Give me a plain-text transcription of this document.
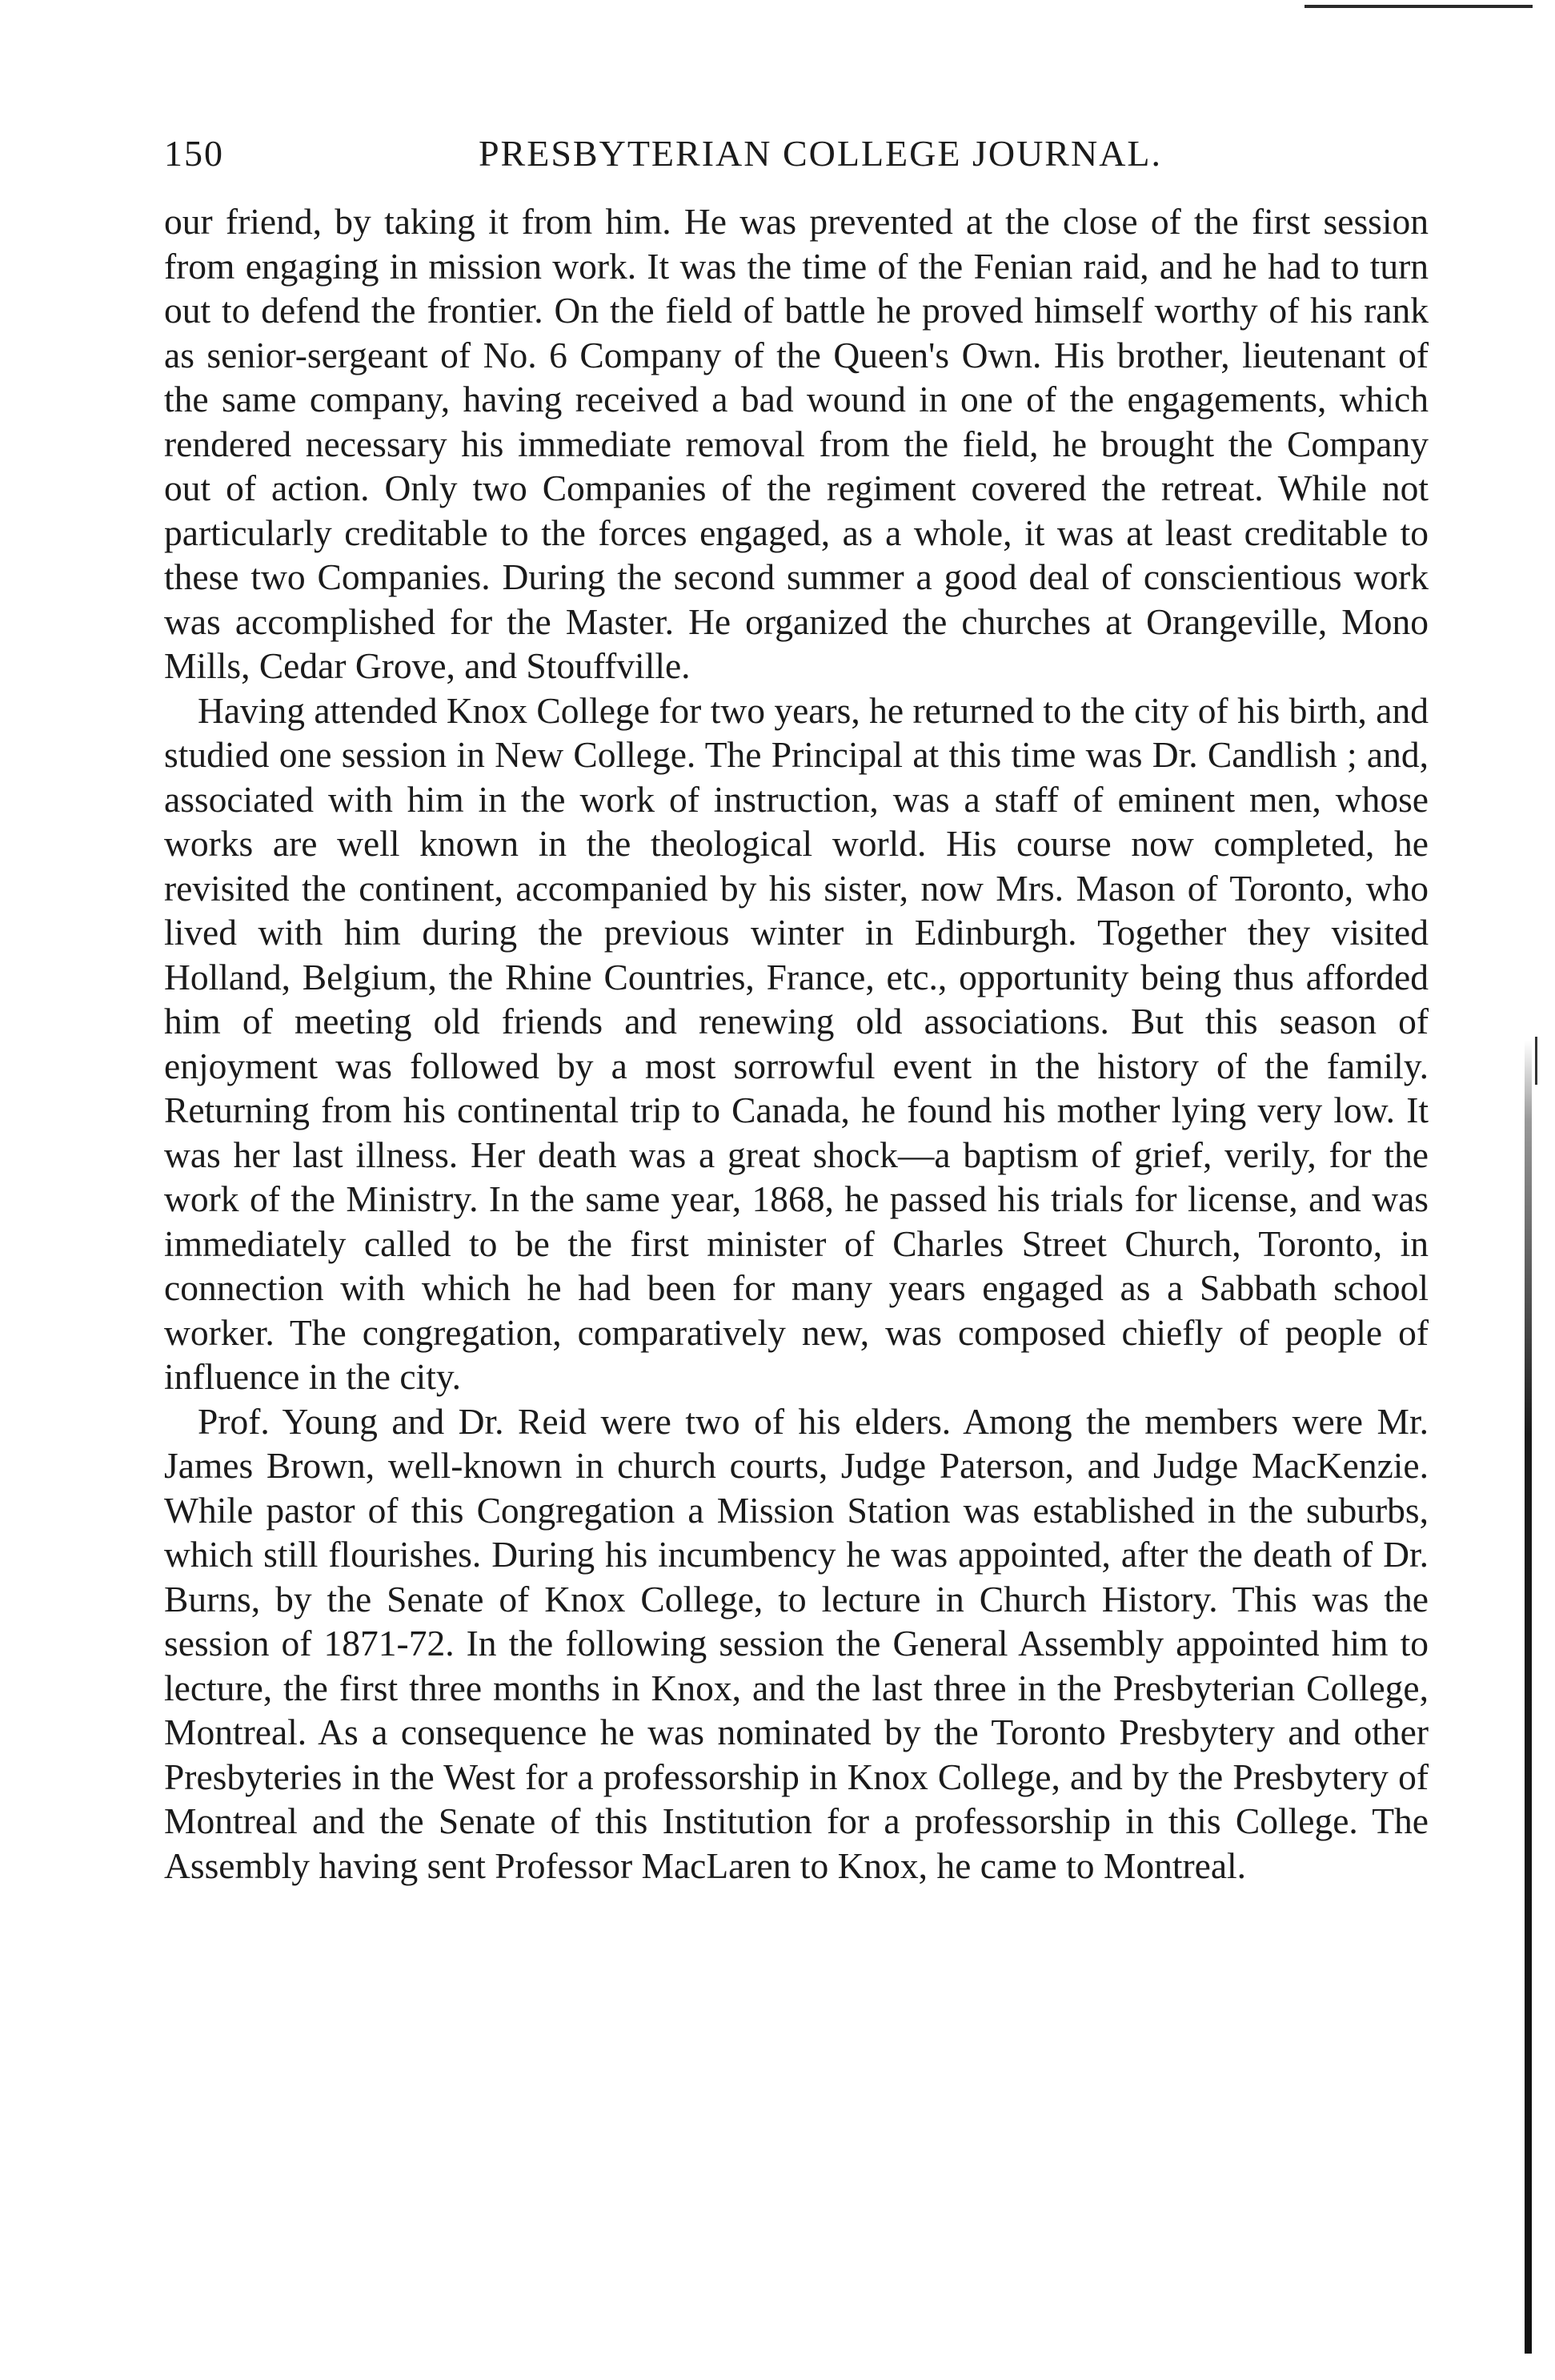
150	PRESBYTERIAN COLLEGE JOURNAL.

our friend, by taking it from him. He was prevented at the close of the first session from engaging in mission work. It was the time of the Fenian raid, and he had to turn out to defend the frontier. On the field of battle he proved himself worthy of his rank as senior-sergeant of No. 6 Company of the Queen's Own. His brother, lieutenant of the same company, having received a bad wound in one of the engagements, which rendered necessary his immediate removal from the field, he brought the Company out of action. Only two Companies of the regiment covered the retreat. While not particularly creditable to the forces engaged, as a whole, it was at least creditable to these two Companies. During the second summer a good deal of conscientious work was accomplished for the Master. He organized the churches at Orangeville, Mono Mills, Cedar Grove, and Stouffville.

Having attended Knox College for two years, he returned to the city of his birth, and studied one session in New College. The Principal at this time was Dr. Candlish ; and, associated with him in the work of instruction, was a staff of eminent men, whose works are well known in the theological world. His course now completed, he revisited the continent, accompanied by his sister, now Mrs. Mason of Toronto, who lived with him during the previous winter in Edinburgh. Together they visited Holland, Belgium, the Rhine Countries, France, etc., opportunity being thus afforded him of meeting old friends and renewing old associations. But this season of enjoyment was followed by a most sorrowful event in the history of the family. Returning from his continental trip to Canada, he found his mother lying very low. It was her last illness. Her death was a great shock—a baptism of grief, verily, for the work of the Ministry. In the same year, 1868, he passed his trials for license, and was immediately called to be the first minister of Charles Street Church, Toronto, in connection with which he had been for many years engaged as a Sabbath school worker. The congregation, comparatively new, was composed chiefly of people of influence in the city.

Prof. Young and Dr. Reid were two of his elders. Among the members were Mr. James Brown, well-known in church courts, Judge Paterson, and Judge MacKenzie. While pastor of this Congregation a Mission Station was established in the suburbs, which still flourishes. During his incumbency he was appointed, after the death of Dr. Burns, by the Senate of Knox College, to lecture in Church History. This was the session of 1871-72. In the following session the General Assembly appointed him to lecture, the first three months in Knox, and the last three in the Presbyterian College, Montreal. As a consequence he was nominated by the Toronto Presbytery and other Presbyteries in the West for a professorship in Knox College, and by the Presbytery of Montreal and the Senate of this Institution for a professorship in this College. The Assembly having sent Professor MacLaren to Knox, he came to Montreal.
